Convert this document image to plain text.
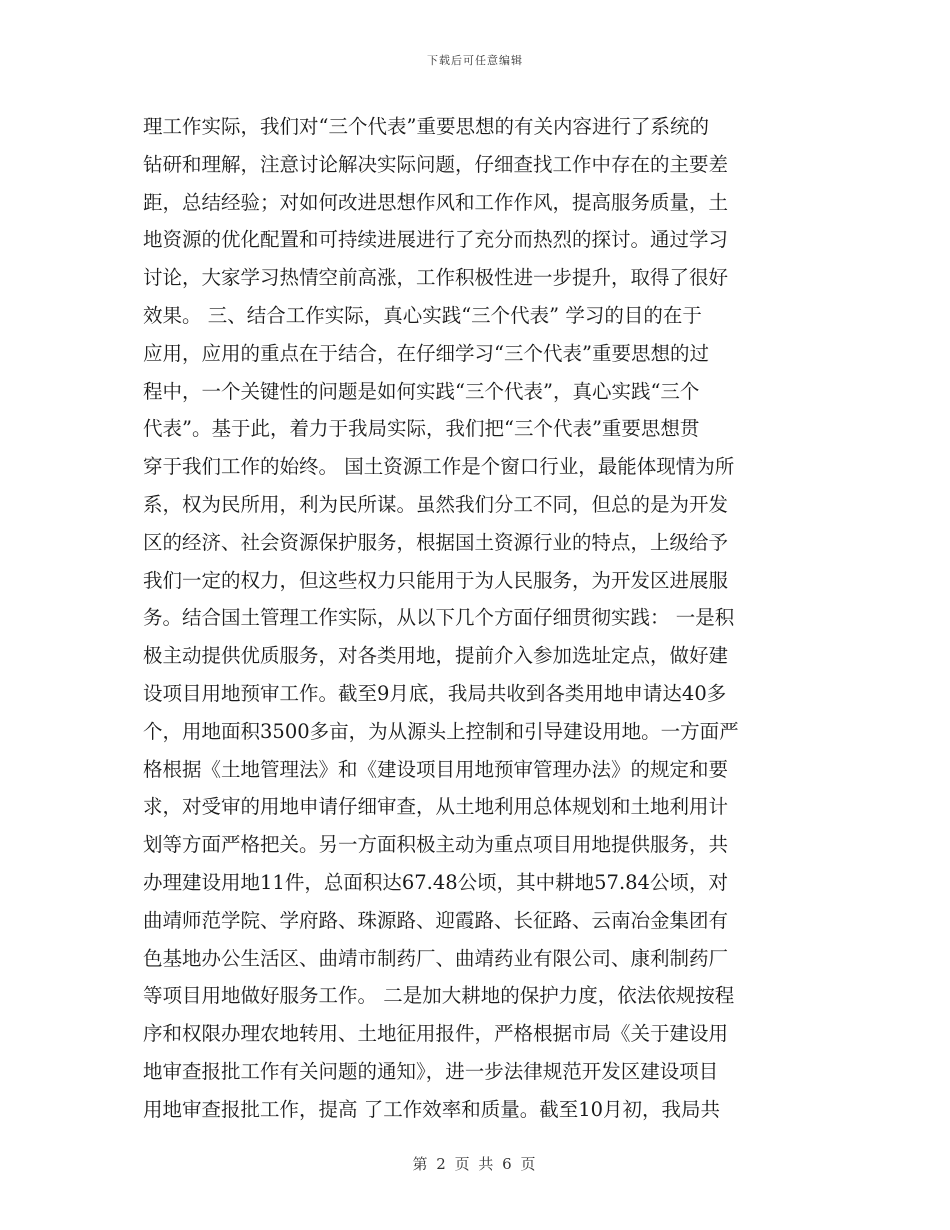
下载后可任意编辑
理工作实际，我们对“三个代表”重要思想的有关内容进行了系统的
钻研和理解，注意讨论解决实际问题，仔细查找工作中存在的主要差
距，总结经验；对如何改进思想作风和工作作风，提高服务质量，土
地资源的优化配置和可持续进展进行了充分而热烈的探讨。通过学习
讨论，大家学习热情空前高涨，工作积极性进一步提升，取得了很好
效果。 三、结合工作实际，真心实践“三个代表” 学习的目的在于
应用，应用的重点在于结合，在仔细学习“三个代表”重要思想的过
程中，一个关键性的问题是如何实践“三个代表”，真心实践“三个
代表”。基于此，着力于我局实际，我们把“三个代表”重要思想贯
穿于我们工作的始终。 国土资源工作是个窗口行业，最能体现情为所
系，权为民所用，利为民所谋。虽然我们分工不同，但总的是为开发
区的经济、社会资源保护服务，根据国土资源行业的特点，上级给予
我们一定的权力，但这些权力只能用于为人民服务，为开发区进展服
务。结合国土管理工作实际，从以下几个方面仔细贯彻实践： 一是积
极主动提供优质服务，对各类用地，提前介入参加选址定点，做好建
设项目用地预审工作。截至9月底，我局共收到各类用地申请达40多
个，用地面积3500多亩，为从源头上控制和引导建设用地。一方面严
格根据《土地管理法》和《建设项目用地预审管理办法》的规定和要
求，对受审的用地申请仔细审查，从土地利用总体规划和土地利用计
划等方面严格把关。另一方面积极主动为重点项目用地提供服务，共
办理建设用地11件，总面积达67.48公顷，其中耕地57.84公顷，对
曲靖师范学院、学府路、珠源路、迎霞路、长征路、云南冶金集团有
色基地办公生活区、曲靖市制药厂、曲靖药业有限公司、康利制药厂
等项目用地做好服务工作。 二是加大耕地的保护力度，依法依规按程
序和权限办理农地转用、土地征用报件，严格根据市局《关于建设用
地审查报批工作有关问题的通知》，进一步法律规范开发区建设项目
用地审查报批工作，提高 了工作效率和质量。截至10月初，我局共
第 2 页 共 6 页
